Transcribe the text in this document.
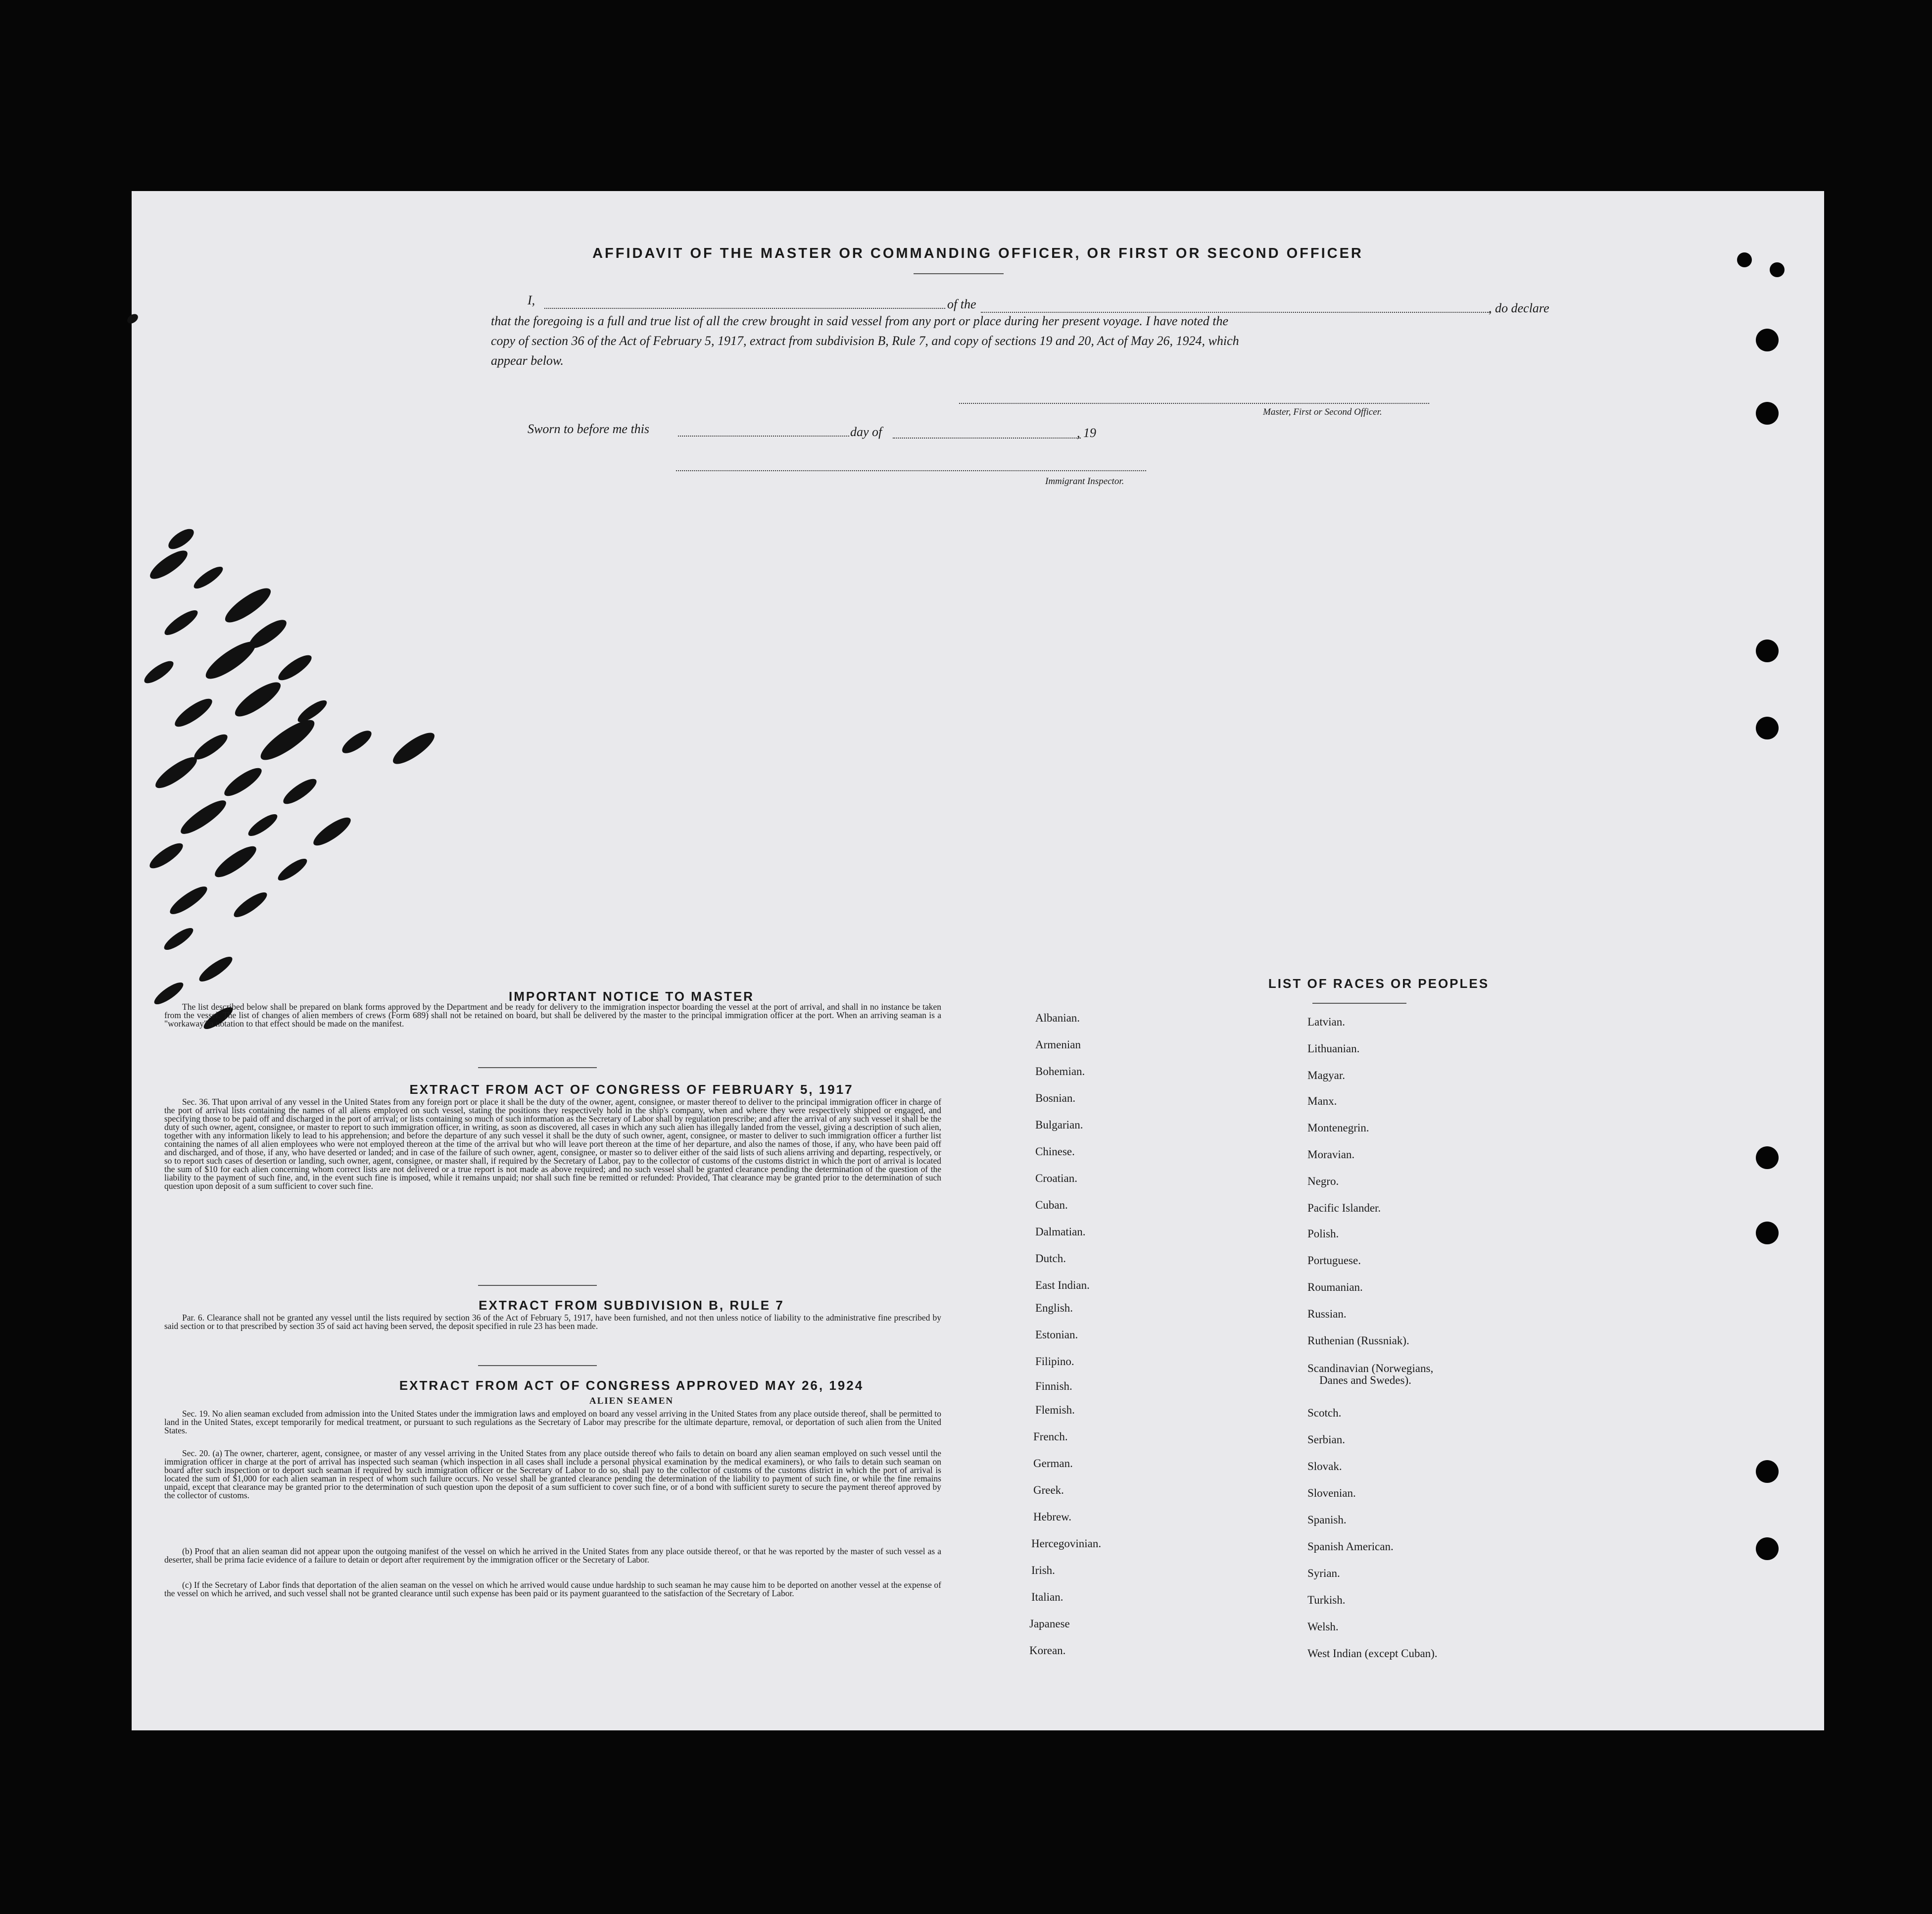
AFFIDAVIT OF THE MASTER OR COMMANDING OFFICER, OR FIRST OR SECOND OFFICER
I,	of the	, do declare
that the foregoing is a full and true list of all the crew brought in said vessel from any port or place during her present voyage. I have noted the
copy of section 36 of the Act of February 5, 1917, extract from subdivision B, Rule 7, and copy of sections 19 and 20, Act of May 26, 1924, which
appear below.
Master, First or Second Officer.
Sworn to before me this	day of	, 19
Immigrant Inspector.
IMPORTANT NOTICE TO MASTER
The list described below shall be prepared on blank forms approved by the Department and be ready for delivery to the immigration inspector boarding the vessel at the port of arrival, and shall in no instance be taken from the vessel. The list of changes of alien members of crews (Form 689) shall not be retained on board, but shall be delivered by the master to the principal immigration officer at the port. When an arriving seaman is a "workaway" a notation to that effect should be made on the manifest.
EXTRACT FROM ACT OF CONGRESS OF FEBRUARY 5, 1917
Sec. 36. That upon arrival of any vessel in the United States from any foreign port or place it shall be the duty of the owner, agent, consignee, or master thereof to deliver to the principal immigration officer in charge of the port of arrival lists containing the names of all aliens employed on such vessel, stating the positions they respectively hold in the ship's company, when and where they were respectively shipped or engaged, and specifying those to be paid off and discharged in the port of arrival; or lists containing so much of such information as the Secretary of Labor shall by regulation prescribe; and after the arrival of any such vessel it shall be the duty of such owner, agent, consignee, or master to report to such immigration officer, in writing, as soon as discovered, all cases in which any such alien has illegally landed from the vessel, giving a description of such alien, together with any information likely to lead to his apprehension; and before the departure of any such vessel it shall be the duty of such owner, agent, consignee, or master to deliver to such immigration officer a further list containing the names of all alien employees who were not employed thereon at the time of the arrival but who will leave port thereon at the time of her departure, and also the names of those, if any, who have been paid off and discharged, and of those, if any, who have deserted or landed; and in case of the failure of such owner, agent, consignee, or master so to deliver either of the said lists of such aliens arriving and departing, respectively, or so to report such cases of desertion or landing, such owner, agent, consignee, or master shall, if required by the Secretary of Labor, pay to the collector of customs of the customs district in which the port of arrival is located the sum of $10 for each alien concerning whom correct lists are not delivered or a true report is not made as above required; and no such vessel shall be granted clearance pending the determination of the question of the liability to the payment of such fine, and, in the event such fine is imposed, while it remains unpaid; nor shall such fine be remitted or refunded: Provided, That clearance may be granted prior to the determination of such question upon deposit of a sum sufficient to cover such fine.
EXTRACT FROM SUBDIVISION B, RULE 7
Par. 6. Clearance shall not be granted any vessel until the lists required by section 36 of the Act of February 5, 1917, have been furnished, and not then unless notice of liability to the administrative fine prescribed by said section or to that prescribed by section 35 of said act having been served, the deposit specified in rule 23 has been made.
EXTRACT FROM ACT OF CONGRESS APPROVED MAY 26, 1924
ALIEN SEAMEN
Sec. 19. No alien seaman excluded from admission into the United States under the immigration laws and employed on board any vessel arriving in the United States from any place outside thereof, shall be permitted to land in the United States, except temporarily for medical treatment, or pursuant to such regulations as the Secretary of Labor may prescribe for the ultimate departure, removal, or deportation of such alien from the United States.
Sec. 20. (a) The owner, charterer, agent, consignee, or master of any vessel arriving in the United States from any place outside thereof who fails to detain on board any alien seaman employed on such vessel until the immigration officer in charge at the port of arrival has inspected such seaman (which inspection in all cases shall include a personal physical examination by the medical examiners), or who fails to detain such seaman on board after such inspection or to deport such seaman if required by such immigration officer or the Secretary of Labor to do so, shall pay to the collector of customs of the customs district in which the port of arrival is located the sum of $1,000 for each alien seaman in respect of whom such failure occurs. No vessel shall be granted clearance pending the determination of the liability to payment of such fine, or while the fine remains unpaid, except that clearance may be granted prior to the determination of such question upon the deposit of a sum sufficient to cover such fine, or of a bond with sufficient surety to secure the payment thereof approved by the collector of customs.
(b) Proof that an alien seaman did not appear upon the outgoing manifest of the vessel on which he arrived in the United States from any place outside thereof, or that he was reported by the master of such vessel as a deserter, shall be prima facie evidence of a failure to detain or deport after requirement by the immigration officer or the Secretary of Labor.
(c) If the Secretary of Labor finds that deportation of the alien seaman on the vessel on which he arrived would cause undue hardship to such seaman he may cause him to be deported on another vessel at the expense of the vessel on which he arrived, and such vessel shall not be granted clearance until such expense has been paid or its payment guaranteed to the satisfaction of the Secretary of Labor.
LIST OF RACES OR PEOPLES
Albanian.
Armenian
Bohemian.
Bosnian.
Bulgarian.
Chinese.
Croatian.
Cuban.
Dalmatian.
Dutch.
East Indian.
English.
Estonian.
Filipino.
Finnish.
Flemish.
French.
German.
Greek.
Hebrew.
Hercegovinian.
Irish.
Italian.
Japanese
Korean.
Latvian.
Lithuanian.
Magyar.
Manx.
Montenegrin.
Moravian.
Negro.
Pacific Islander.
Polish.
Portuguese.
Roumanian.
Russian.
Ruthenian (Russniak).
Scandinavian (Norwegians,
Danes and Swedes).
Scotch.
Serbian.
Slovak.
Slovenian.
Spanish.
Spanish American.
Syrian.
Turkish.
Welsh.
West Indian (except Cuban).
